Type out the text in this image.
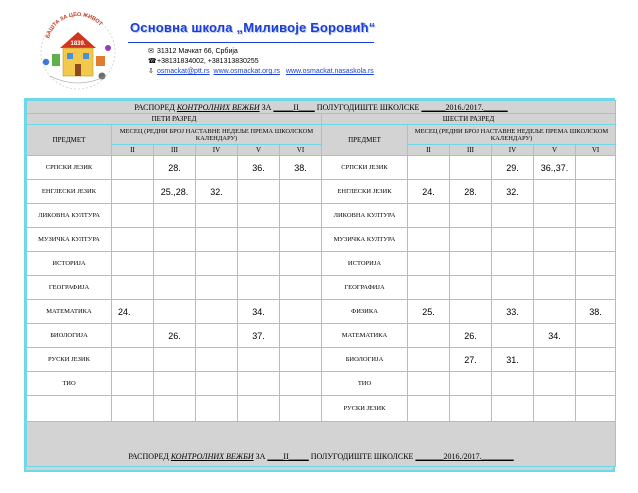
БАШТА ЗА ЦЕО ЖИВОТ
1839.
Основна школа „Миливоје Боровић“
✉ 31312 Мачкат 66, Србија
☎+38131834002, +381313830255
⇩ osmackat@ptt.rs www.osmackat.org.rs www.osmackat.nasaskola.rs
РАСПОРЕД КОНТРОЛНИХ ВЕЖБИ ЗА _____II____ ПОЛУГОДИШТЕ ШКОЛСКЕ ______2016./2017.______											
ПЕТИ РАЗРЕД						ШЕСТИ РАЗРЕД					
ПРЕДМЕТ	МЕСЕЦ (РЕДНИ БРОЈ НАСТАВНЕ НЕДЕЉЕ ПРЕМА ШКОЛСКОМ КАЛЕНДАРУ)					ПРЕДМЕТ	МЕСЕЦ (РЕДНИ БРОЈ НАСТАВНЕ НЕДЕЉЕ ПРЕМА ШКОЛСКОМ КАЛЕНДАРУ)				
	II	III	IV	V	VI		II	III	IV	V	VI
СРПСКИ ЈЕЗИК		28.		36.	38.	СРПСКИ ЈЕЗИК			29.	36.,37.	
ЕНГЛЕСКИ ЈЕЗИК		25.,28.	32.			ЕНГЛЕСКИ ЈЕЗИК	24.	28.	32.		
ЛИКОВНА КУЛТУРА						ЛИКОВНА КУЛТУРА					
МУЗИЧКА КУЛТУРА						МУЗИЧКА КУЛТУРА					
ИСТОРИЈА						ИСТОРИЈА					
ГЕОГРАФИЈА						ГЕОГРАФИЈА					
МАТЕМАТИКА	24.			34.		ФИЗИКА	25.		33.		38.
БИОЛОГИЈА		26.		37.		МАТЕМАТИКА		26.		34.	
РУСКИ ЈЕЗИК						БИОЛОГИЈА		27.	31.		
ТИО						ТИО					
						РУСКИ ЈЕЗИК					
РАСПОРЕД КОНТРОЛНИХ ВЕЖБИ ЗА ____II_____ ПОЛУГОДИШТЕ ШКОЛСКЕ _______2016./2017.________											
